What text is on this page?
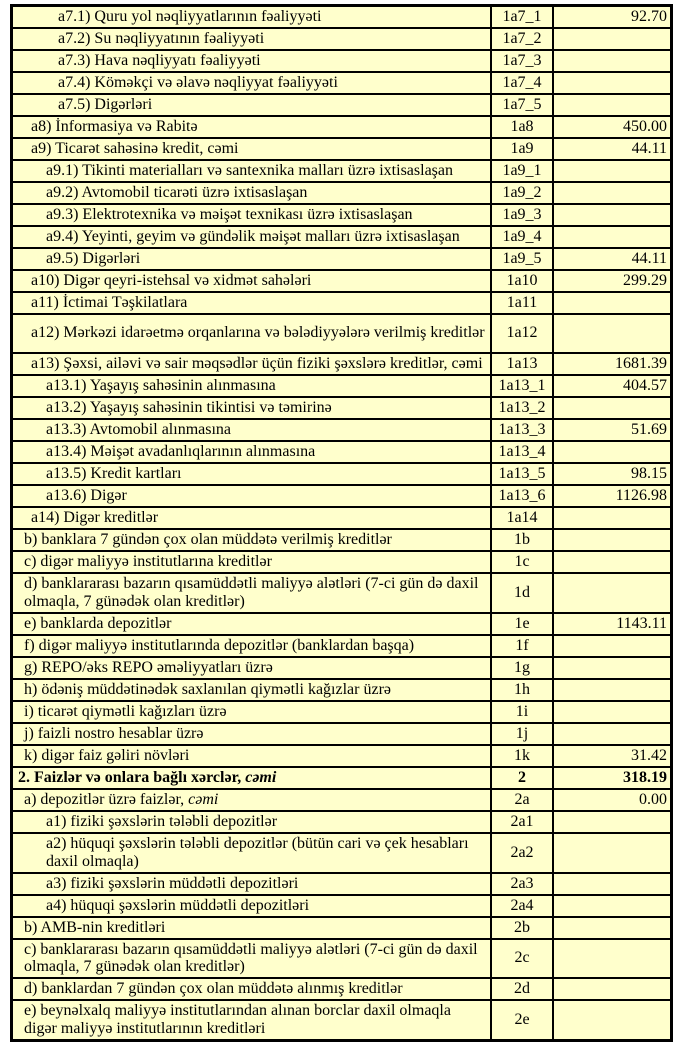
a7.1) Quru yol nəqliyyatlarının fəaliyyəti	1a7_1	92.70
a7.2) Su nəqliyyatının fəaliyyəti	1a7_2	
a7.3) Hava nəqliyyatı fəaliyyəti	1a7_3	
a7.4) Köməkçi və əlavə nəqliyyat fəaliyyəti	1a7_4	
a7.5) Digərləri	1a7_5	
a8) İnformasiya və Rabitə	1a8	450.00
a9) Ticarət sahəsinə kredit, cəmi	1a9	44.11
a9.1) Tikinti materialları və santexnika malları üzrə ixtisaslaşan	1a9_1	
a9.2) Avtomobil ticarəti üzrə ixtisaslaşan	1a9_2	
a9.3) Elektrotexnika və məişət texnikası üzrə ixtisaslaşan	1a9_3	
a9.4) Yeyinti, geyim və gündəlik məişət malları üzrə ixtisaslaşan	1a9_4	
a9.5) Digərləri	1a9_5	44.11
a10) Digər qeyri-istehsal və xidmət sahələri	1a10	299.29
a11) İctimai Təşkilatlara	1a11	
a12) Mərkəzi idarəetmə orqanlarına və bələdiyyələrə verilmiş kreditlər	1a12	
a13) Şəxsi, ailəvi və sair məqsədlər üçün fiziki şəxslərə kreditlər, cəmi	1a13	1681.39
a13.1) Yaşayış sahəsinin alınmasına	1a13_1	404.57
a13.2) Yaşayış sahəsinin tikintisi və təmirinə	1a13_2	
a13.3) Avtomobil alınmasına	1a13_3	51.69
a13.4) Məişət avadanlıqlarının alınmasına	1a13_4	
a13.5) Kredit kartları	1a13_5	98.15
a13.6) Digər	1a13_6	1126.98
a14) Digər kreditlər	1a14	
b) banklara 7 gündən çox olan müddətə verilmiş kreditlər	1b	
c) digər maliyyə institutlarına kreditlər	1c	
d) banklararası bazarın qısamüddətli maliyyə alətləri (7-ci gün də daxil olmaqla, 7 günədək olan kreditlər)	1d	
e) banklarda depozitlər	1e	1143.11
f) digər maliyyə institutlarında depozitlər (banklardan başqa)	1f	
g) REPO/əks REPO əməliyyatları üzrə	1g	
h) ödəniş müddətinədək saxlanılan qiymətli kağızlar üzrə	1h	
i) ticarət qiymətli kağızları üzrə	1i	
j) faizli nostro hesablar üzrə	1j	
k) digər faiz gəliri növləri	1k	31.42
2. Faizlər və onlara bağlı xərclər, cəmi	2	318.19
a) depozitlər üzrə faizlər, cəmi	2a	0.00
a1) fiziki şəxslərin tələbli depozitlər	2a1	
a2) hüquqi şəxslərin tələbli depozitlər (bütün cari və çek hesabları daxil olmaqla)	2a2	
a3) fiziki şəxslərin müddətli depozitləri	2a3	
a4) hüquqi şəxslərin müddətli depozitləri	2a4	
b) AMB-nin kreditləri	2b	
c) banklararası bazarın qısamüddətli maliyyə alətləri (7-ci gün də daxil olmaqla, 7 günədək olan kreditlər)	2c	
d) banklardan 7 gündən çox olan müddətə alınmış kreditlər	2d	
e) beynəlxalq maliyyə institutlarından alınan borclar daxil olmaqla digər maliyyə institutlarının kreditləri	2e	
